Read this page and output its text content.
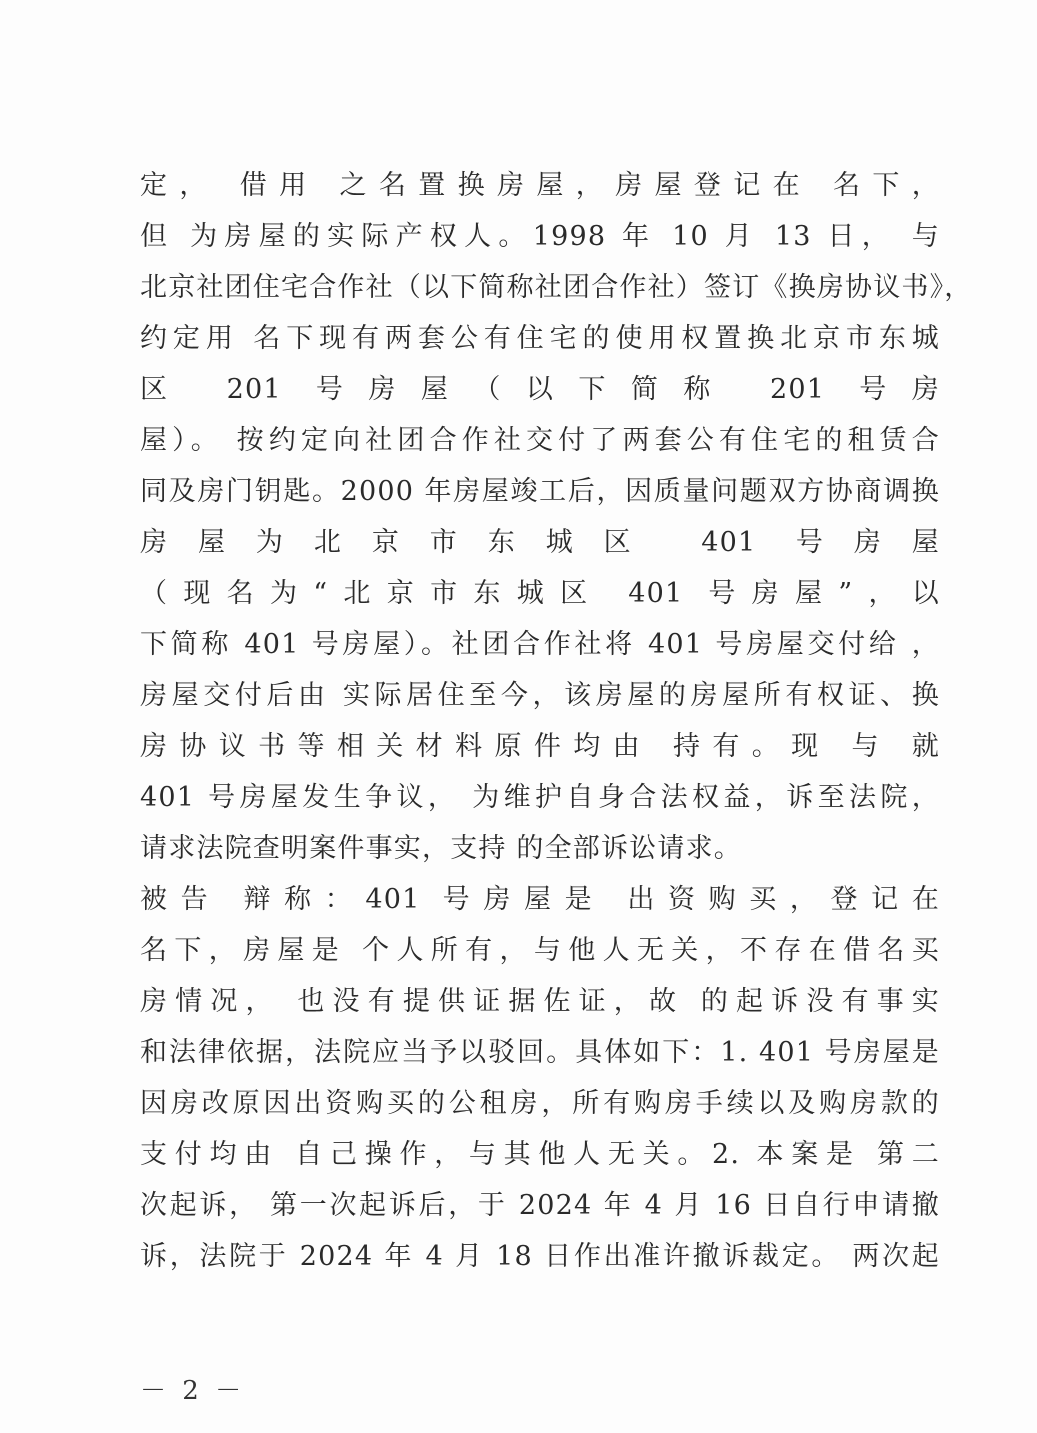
定， 借用 之名置换房屋，房屋登记在 名下，
但 为房屋的实际产权人。1998 年 10 月 13 日， 与
北京社团住宅合作社（以下简称社团合作社）签订《换房协议书》，
约定用 名下现有两套公有住宅的使用权置换北京市东城
区 201 号房屋（以下简称 201 号房
屋）。 按约定向社团合作社交付了两套公有住宅的租赁合
同及房门钥匙。2000 年房屋竣工后，因质量问题双方协商调换
房屋为北京市东城区 401 号房屋
（现名为“北京市东城区 401 号房屋”，以
下简称 401 号房屋）。社团合作社将 401 号房屋交付给 ，
房屋交付后由 实际居住至今，该房屋的房屋所有权证、换
房协议书等相关材料原件均由 持有。现 与 就
401 号房屋发生争议， 为维护自身合法权益，诉至法院，
请求法院查明案件事实，支持 的全部诉讼请求。
被告 辩称：401 号房屋是 出资购买，登记在
名下，房屋是 个人所有，与他人无关，不存在借名买
房情况， 也没有提供证据佐证，故 的起诉没有事实
和法律依据，法院应当予以驳回。具体如下：1. 401 号房屋是
因房改原因出资购买的公租房，所有购房手续以及购房款的
支付均由 自己操作，与其他人无关。2. 本案是 第二
次起诉， 第一次起诉后，于 2024 年 4 月 16 日自行申请撤
诉，法院于 2024 年 4 月 18 日作出准许撤诉裁定。 两次起
－ 2 －
